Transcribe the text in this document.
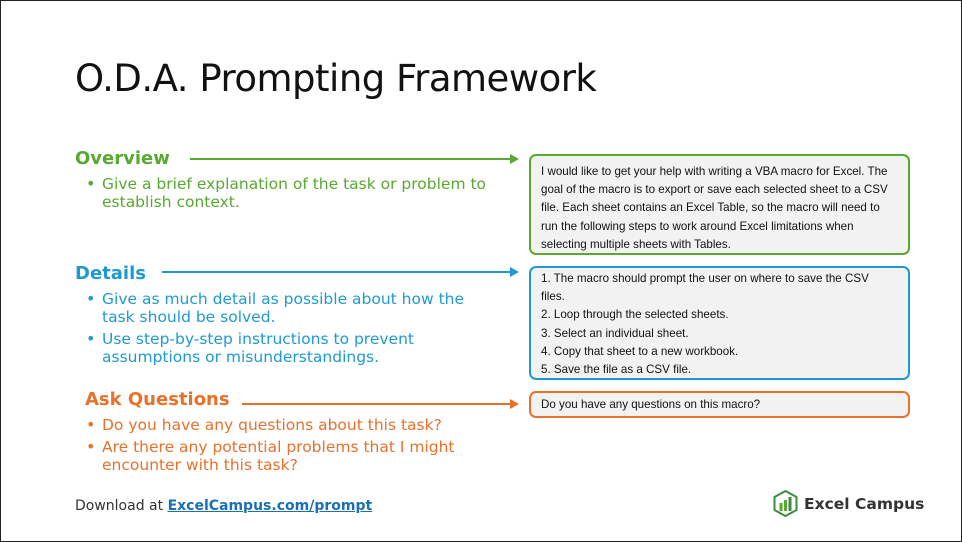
O.D.A. Prompting Framework
Overview
• Give a brief explanation of the task or problem to establish context.
I would like to get your help with writing a VBA macro for Excel. The goal of the macro is to export or save each selected sheet to a CSV file. Each sheet contains an Excel Table, so the macro will need to run the following steps to work around Excel limitations when selecting multiple sheets with Tables.
Details
• Give as much detail as possible about how the task should be solved.
• Use step-by-step instructions to prevent assumptions or misunderstandings.
1. The macro should prompt the user on where to save the CSV
files.
2. Loop through the selected sheets.
3. Select an individual sheet.
4. Copy that sheet to a new workbook.
5. Save the file as a CSV file.
Ask Questions
• Do you have any questions about this task?
• Are there any potential problems that I might encounter with this task?
Do you have any questions on this macro?
Download at ExcelCampus.com/prompt	Excel Campus
